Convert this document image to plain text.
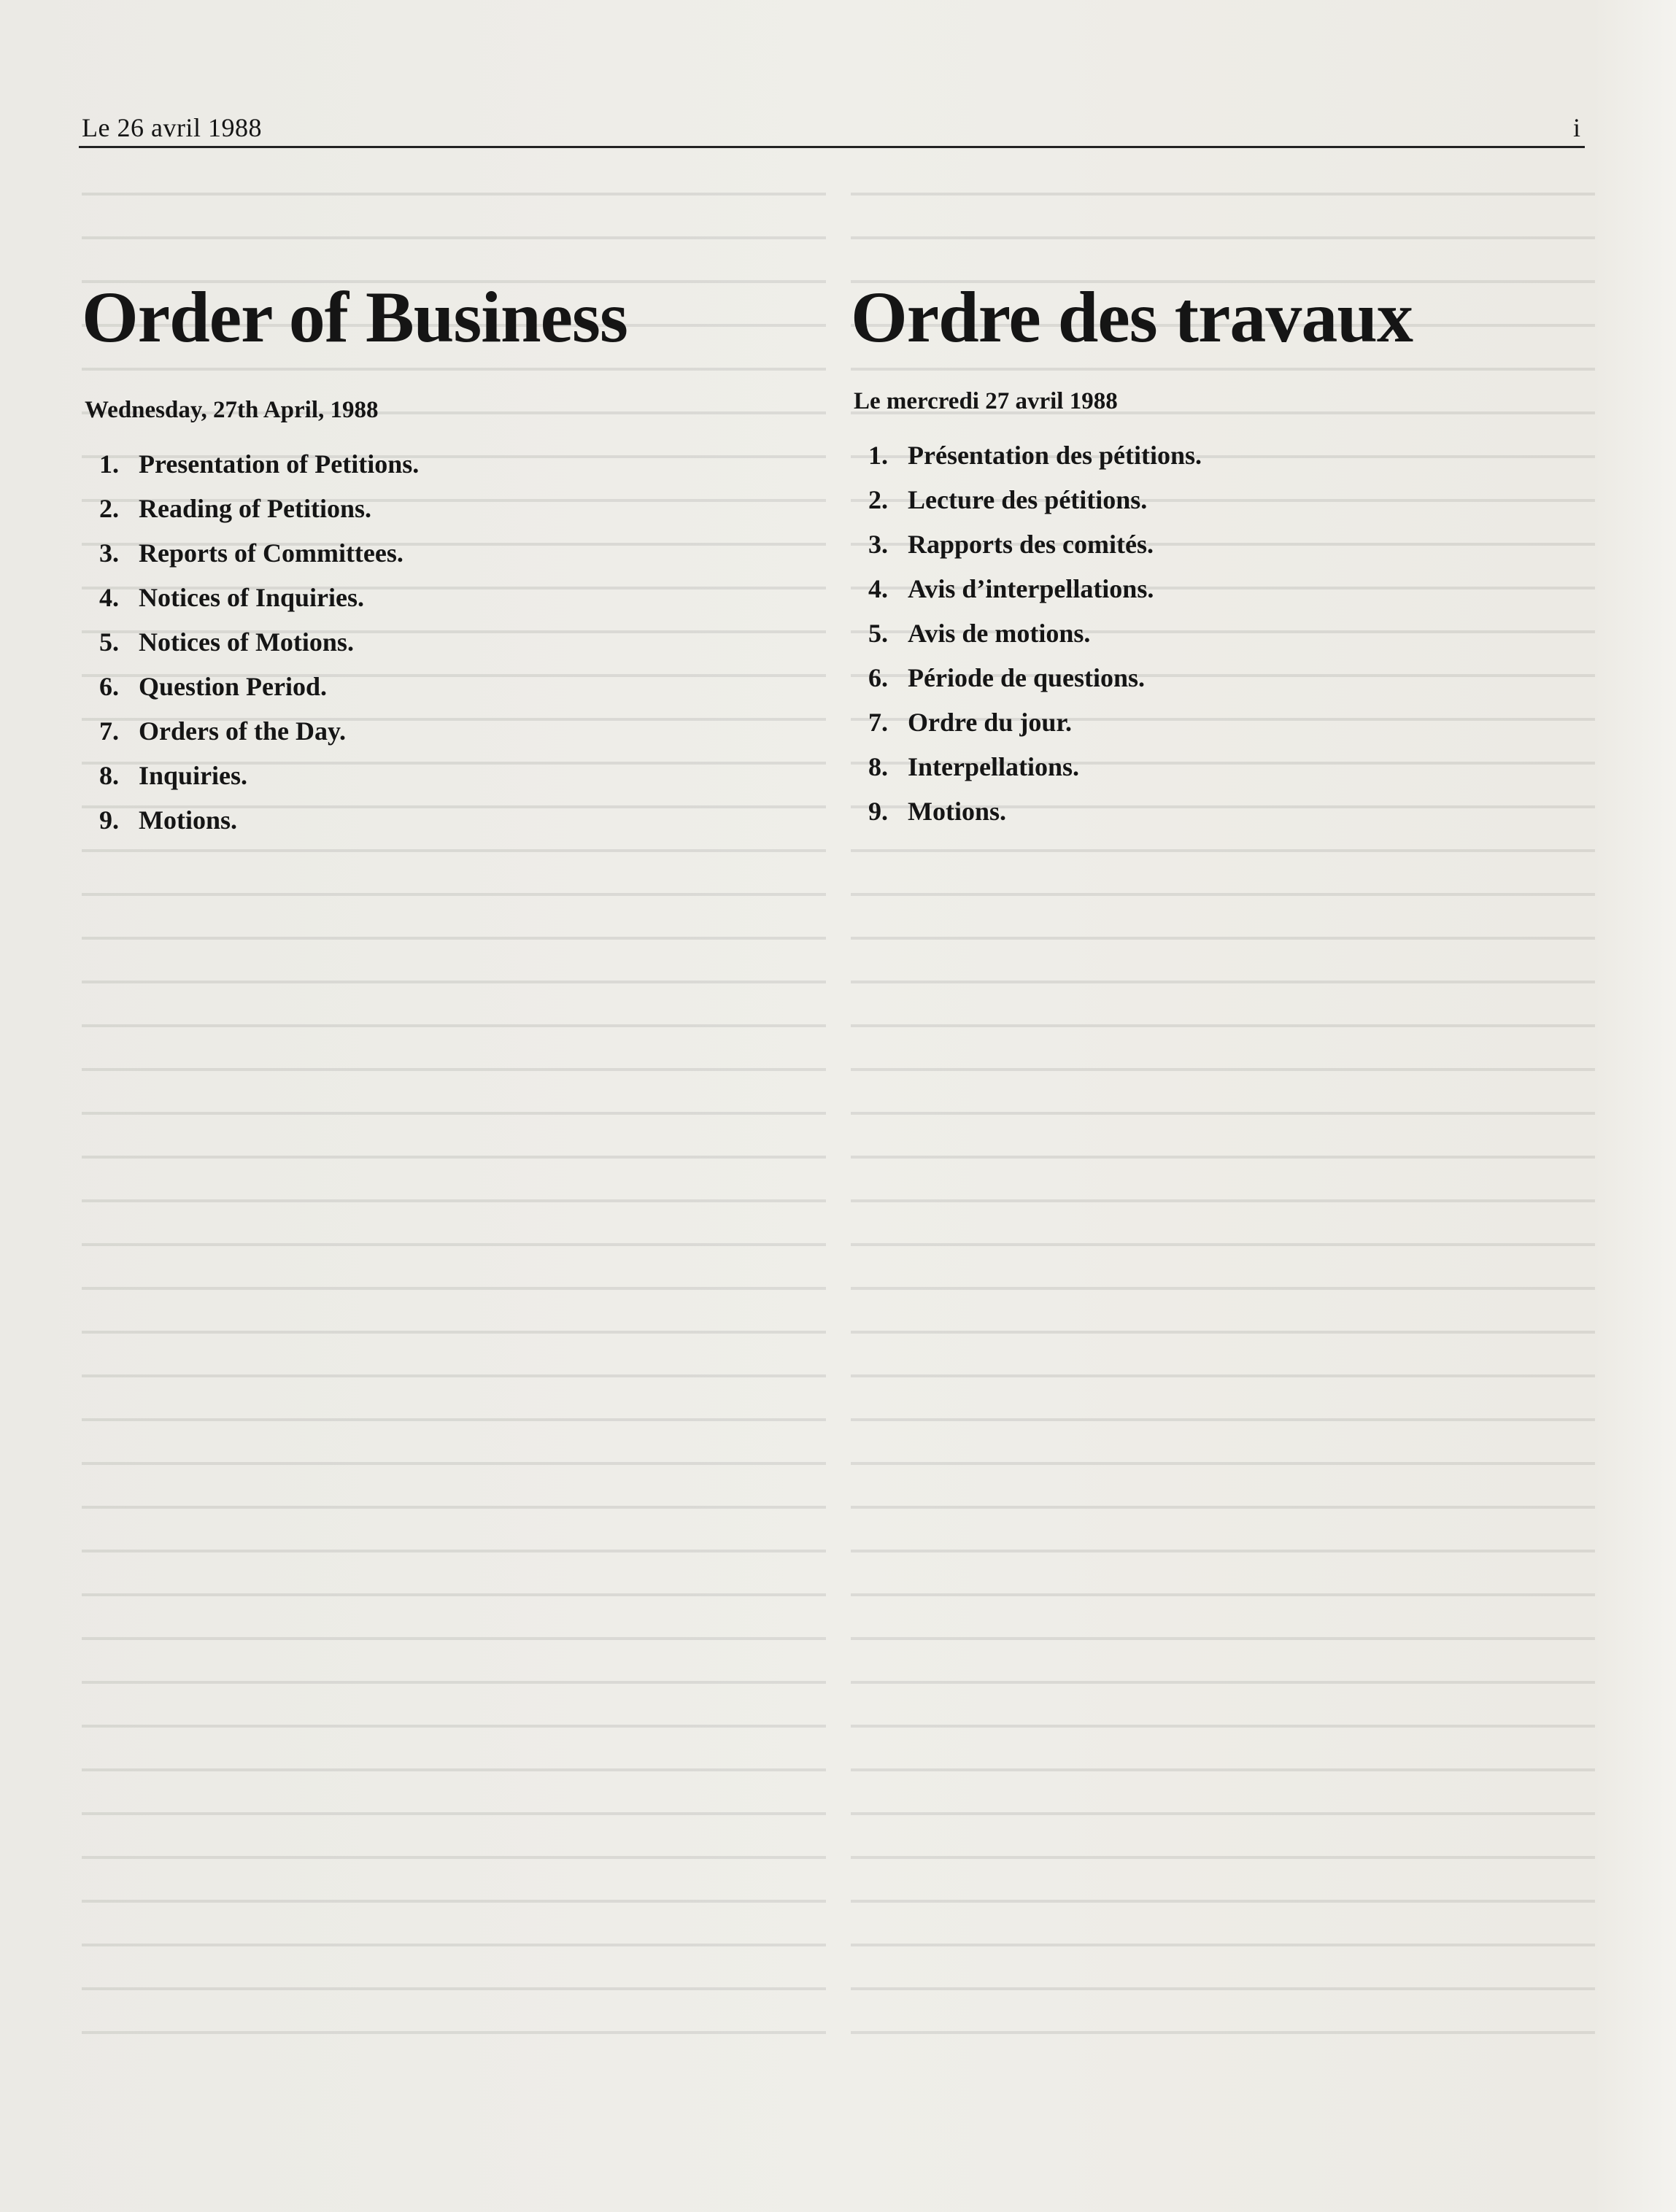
Le 26 avril 1988	i
Order of Business
Wednesday, 27th April, 1988
1. Presentation of Petitions.
2. Reading of Petitions.
3. Reports of Committees.
4. Notices of Inquiries.
5. Notices of Motions.
6. Question Period.
7. Orders of the Day.
8. Inquiries.
9. Motions.
Ordre des travaux
Le mercredi 27 avril 1988
1. Présentation des pétitions.
2. Lecture des pétitions.
3. Rapports des comités.
4. Avis d’interpellations.
5. Avis de motions.
6. Période de questions.
7. Ordre du jour.
8. Interpellations.
9. Motions.
